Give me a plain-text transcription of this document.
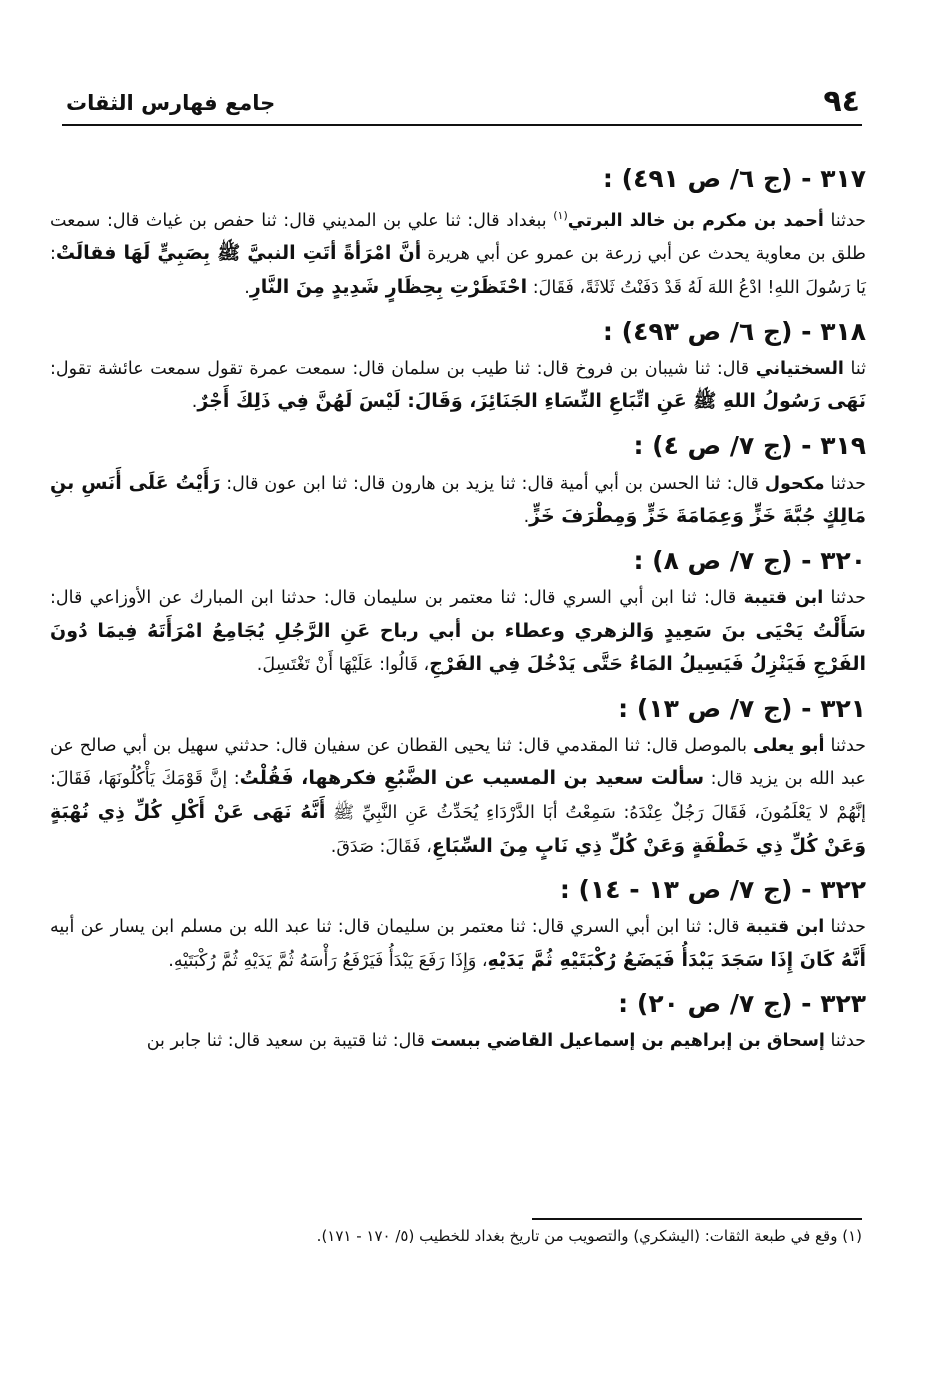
٩٤
جامع فهارس الثقات
٣١٧ - (ج ٦/ ص ٤٩١) :
حدثنا أحمد بن مكرم بن خالد البرتي$^{(١)}$ ببغداد قال: ثنا علي بن المديني قال: ثنا حفص بن غياث قال: سمعت طلق بن معاوية يحدث عن أبي زرعة بن عمرو عن أبي هريرة أنَّ امْرَأةً أتَتِ النبيَّ ﷺ بِصَبِيٍّ لَهَا فقالَتْ: يَا رَسُولَ اللهِ! ادْعُ اللهَ لَهُ قَدْ دَفَنْتُ ثَلاثَةً، فَقَالَ: احْتَظَرْتِ بِحِظَارٍ شَدِيدٍ مِنَ النَّارِ.
٣١٨ - (ج ٦/ ص ٤٩٣) :
ثنا السختياني قال: ثنا شيبان بن فروخ قال: ثنا طيب بن سلمان قال: سمعت عمرة تقول سمعت عائشة تقول: نَهَى رَسُولُ اللهِ ﷺ عَنِ اتِّبَاعِ النِّسَاءِ الجَنَائِزَ، وَقَالَ: لَيْسَ لَهُنَّ فِي ذَلِكَ أَجْرٌ.
٣١٩ - (ج ٧/ ص ٤) :
حدثنا مكحول قال: ثنا الحسن بن أبي أمية قال: ثنا يزيد بن هارون قال: ثنا ابن عون قال: رَأَيْتُ عَلَى أَنَسِ بنِ مَالِكٍ جُبَّةَ خَزٍّ وَعِمَامَةَ خَزٍّ وَمِطْرَفَ خَزٍّ.
٣٢٠ - (ج ٧/ ص ٨) :
حدثنا ابن قتيبة قال: ثنا ابن أبي السري قال: ثنا معتمر بن سليمان قال: حدثنا ابن المبارك عن الأوزاعي قال: سَأَلْتُ يَحْيَى بنَ سَعِيدٍ وَالزهري وعطاء بن أبي رباح عَنِ الرَّجُلِ يُجَامِعُ امْرَأَتَهُ فِيمَا دُونَ الفَرْجِ فَيَنْزِلُ فَيَسِيلُ المَاءُ حَتَّى يَدْخُلَ فِي الفَرْجِ، قَالُوا: عَلَيْهَا أَنْ تَغْتَسِلَ.
٣٢١ - (ج ٧/ ص ١٣) :
حدثنا أبو يعلى بالموصل قال: ثنا المقدمي قال: ثنا يحيى القطان عن سفيان قال: حدثني سهيل بن أبي صالح عن عبد الله بن يزيد قال: سألت سعيد بن المسيب عن الضَّبُعِ فكرهها، فَقُلْتُ: إنَّ قَوْمَكَ يَأْكُلُونَهَا، فَقَالَ: إنَّهُمْ لا يَعْلَمُونَ، فَقَالَ رَجُلٌ عِنْدَهُ: سَمِعْتُ أبَا الدَّرْدَاءِ يُحَدِّثُ عَنِ النَّبِيِّ ﷺ أَنَّهُ نَهَى عَنْ أَكْلِ كُلِّ ذِي نُهْبَةٍ وَعَنْ كُلِّ ذِي خَطْفَةٍ وَعَنْ كُلِّ ذِي نَابٍ مِنَ السِّبَاعِ، فَقَالَ: صَدَقَ.
٣٢٢ - (ج ٧/ ص ١٣ - ١٤) :
حدثنا ابن قتيبة قال: ثنا ابن أبي السري قال: ثنا معتمر بن سليمان قال: ثنا عبد الله بن مسلم ابن يسار عن أبيه أَنَّهُ كَانَ إِذَا سَجَدَ يَبْدَأُ فَيَضَعُ رُكْبَتَيْهِ ثُمَّ يَدَيْهِ، وَإِذَا رَفَعَ يَبْدَأُ فَيَرْفَعُ رَأْسَهُ ثُمَّ يَدَيْهِ ثُمَّ رُكْبَتَيْهِ.
٣٢٣ - (ج ٧/ ص ٢٠) :
حدثنا إسحاق بن إبراهيم بن إسماعيل القاضي ببست قال: ثنا قتيبة بن سعيد قال: ثنا جابر بن
(١) وقع في طبعة الثقات: (اليشكري) والتصويب من تاريخ بغداد للخطيب (٥/ ١٧٠ - ١٧١).
